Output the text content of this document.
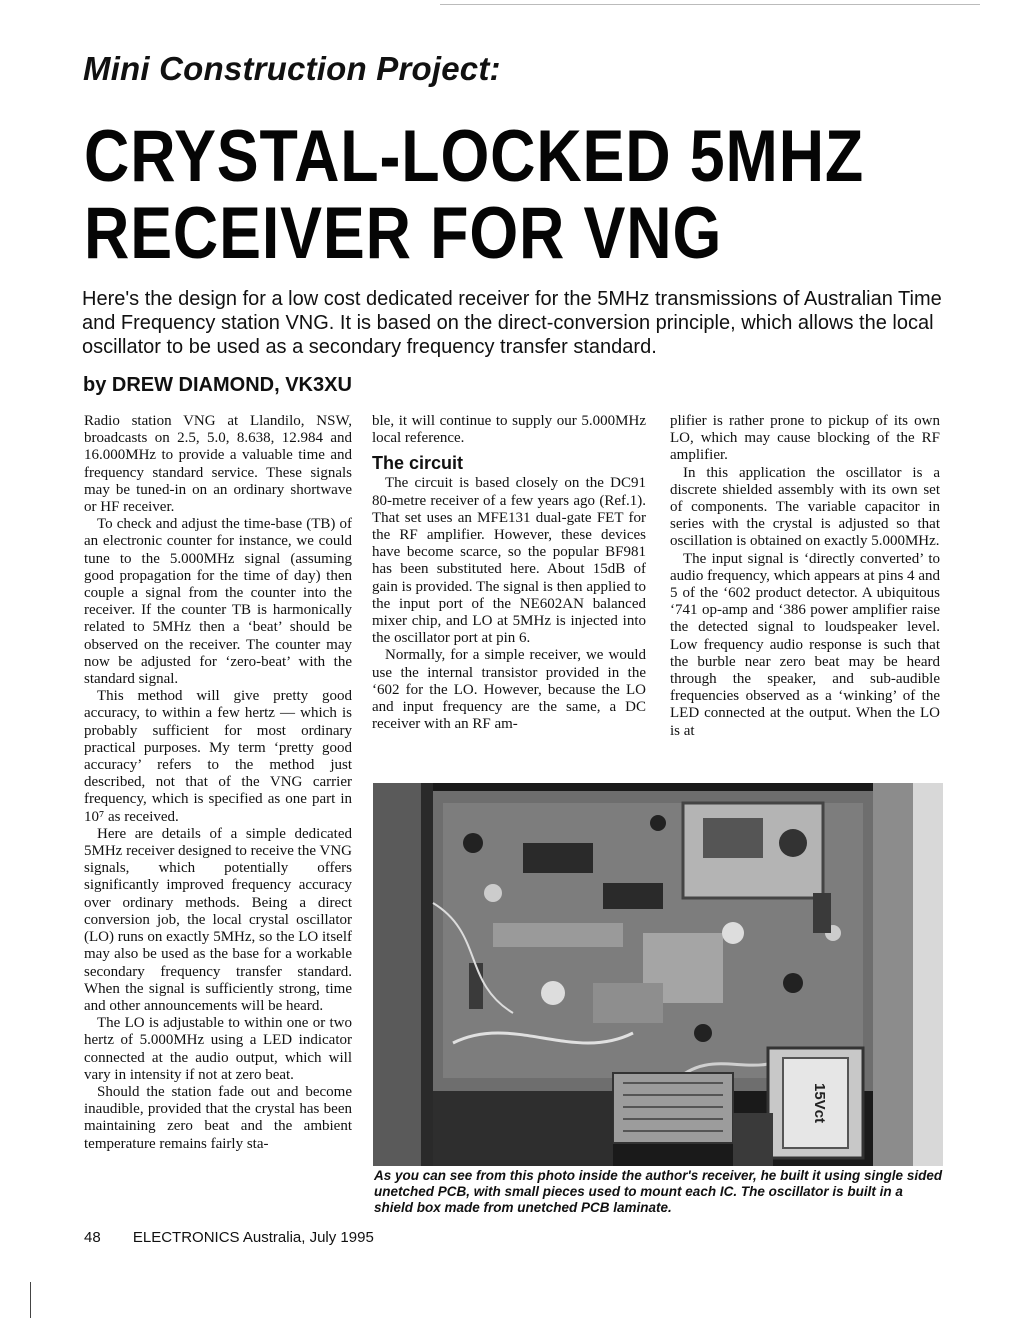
Mini Construction Project:
CRYSTAL-LOCKED 5MHZ
RECEIVER FOR VNG

Here's the design for a low cost dedicated receiver for the 5MHz transmissions of Australian Time and Frequency station VNG. It is based on the direct-conversion principle, which allows the local oscillator to be used as a secondary frequency transfer standard.

by DREW DIAMOND, VK3XU

Radio station VNG at Llandilo, NSW, broadcasts on 2.5, 5.0, 8.638, 12.984 and 16.000MHz to provide a valuable time and frequency standard service. These signals may be tuned-in on an ordinary shortwave or HF receiver.

To check and adjust the time-base (TB) of an electronic counter for instance, we could tune to the 5.000MHz signal (assuming good propagation for the time of day) then couple a signal from the counter into the receiver. If the counter TB is harmonically related to 5MHz then a ‘beat’ should be observed on the receiver. The counter may now be adjusted for ‘zero-beat’ with the standard signal.

This method will give pretty good accuracy, to within a few hertz — which is probably sufficient for most ordinary practical purposes. My term ‘pretty good accuracy’ refers to the method just described, not that of the VNG carrier frequency, which is specified as one part in 10⁷ as received.

Here are details of a simple dedicated 5MHz receiver designed to receive the VNG signals, which potentially offers significantly improved frequency accuracy over ordinary methods. Being a direct conversion job, the local crystal oscillator (LO) runs on exactly 5MHz, so the LO itself may also be used as the base for a workable secondary frequency transfer standard. When the signal is sufficiently strong, time and other announcements will be heard.

The LO is adjustable to within one or two hertz of 5.000MHz using a LED indicator connected at the audio output, which will vary in intensity if not at zero beat.

Should the station fade out and become inaudible, provided that the crystal has been maintaining zero beat and the ambient temperature remains fairly sta-

ble, it will continue to supply our 5.000MHz local reference.

The circuit

The circuit is based closely on the DC91 80-metre receiver of a few years ago (Ref.1). That set uses an MFE131 dual-gate FET for the RF amplifier. However, these devices have become scarce, so the popular BF981 has been substituted here. About 15dB of gain is provided. The signal is then applied to the input port of the NE602AN balanced mixer chip, and LO at 5MHz is injected into the oscillator port at pin 6.

Normally, for a simple receiver, we would use the internal transistor provided in the ‘602 for the LO. However, because the LO and input frequency are the same, a DC receiver with an RF am-

plifier is rather prone to pickup of its own LO, which may cause blocking of the RF amplifier.

In this application the oscillator is a discrete shielded assembly with its own set of components. The variable capacitor in series with the crystal is adjusted so that oscillation is obtained on exactly 5.000MHz.

The input signal is ‘directly converted’ to audio frequency, which appears at pins 4 and 5 of the ‘602 product detector. A ubiquitous ‘741 op-amp and ‘386 power amplifier raise the detected signal to loudspeaker level. Low frequency audio response is such that the burble near zero beat may be heard through the speaker, and sub-audible frequencies observed as a ‘winking’ of the LED connected at the output. When the LO is at

15Vct

As you can see from this photo inside the author's receiver, he built it using single sided unetched PCB, with small pieces used to mount each IC. The oscillator is built in a shield box made from unetched PCB laminate.

48 ELECTRONICS Australia, July 1995
